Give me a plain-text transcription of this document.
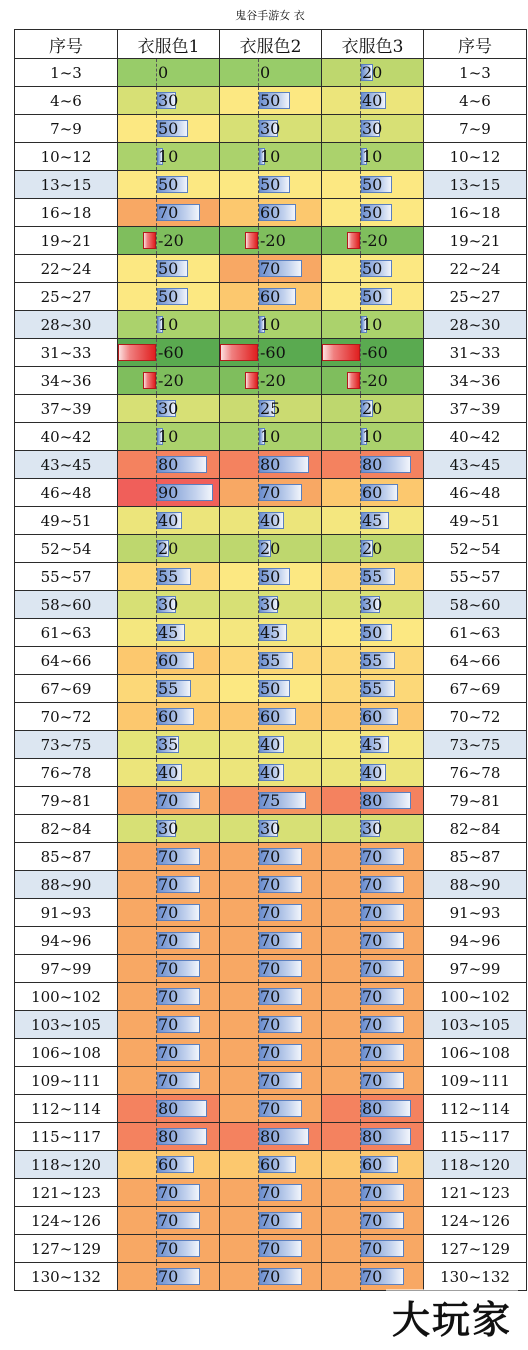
鬼谷手游女 衣
序号	衣服色1	衣服色2	衣服色3	序号
1~3	0	0	20	1~3
4~6	30	50	40	4~6
7~9	50	30	30	7~9
10~12	10	10	10	10~12
13~15	50	50	50	13~15
16~18	70	60	50	16~18
19~21	-20	-20	-20	19~21
22~24	50	70	50	22~24
25~27	50	60	50	25~27
28~30	10	10	10	28~30
31~33	-60	-60	-60	31~33
34~36	-20	-20	-20	34~36
37~39	30	25	20	37~39
40~42	10	10	10	40~42
43~45	80	80	80	43~45
46~48	90	70	60	46~48
49~51	40	40	45	49~51
52~54	20	20	20	52~54
55~57	55	50	55	55~57
58~60	30	30	30	58~60
61~63	45	45	50	61~63
64~66	60	55	55	64~66
67~69	55	50	55	67~69
70~72	60	60	60	70~72
73~75	35	40	45	73~75
76~78	40	40	40	76~78
79~81	70	75	80	79~81
82~84	30	30	30	82~84
85~87	70	70	70	85~87
88~90	70	70	70	88~90
91~93	70	70	70	91~93
94~96	70	70	70	94~96
97~99	70	70	70	97~99
100~102	70	70	70	100~102
103~105	70	70	70	103~105
106~108	70	70	70	106~108
109~111	70	70	70	109~111
112~114	80	70	80	112~114
115~117	80	80	80	115~117
118~120	60	60	60	118~120
121~123	70	70	70	121~123
124~126	70	70	70	124~126
127~129	70	70	70	127~129
130~132	70	70	70	130~132
大玩家
